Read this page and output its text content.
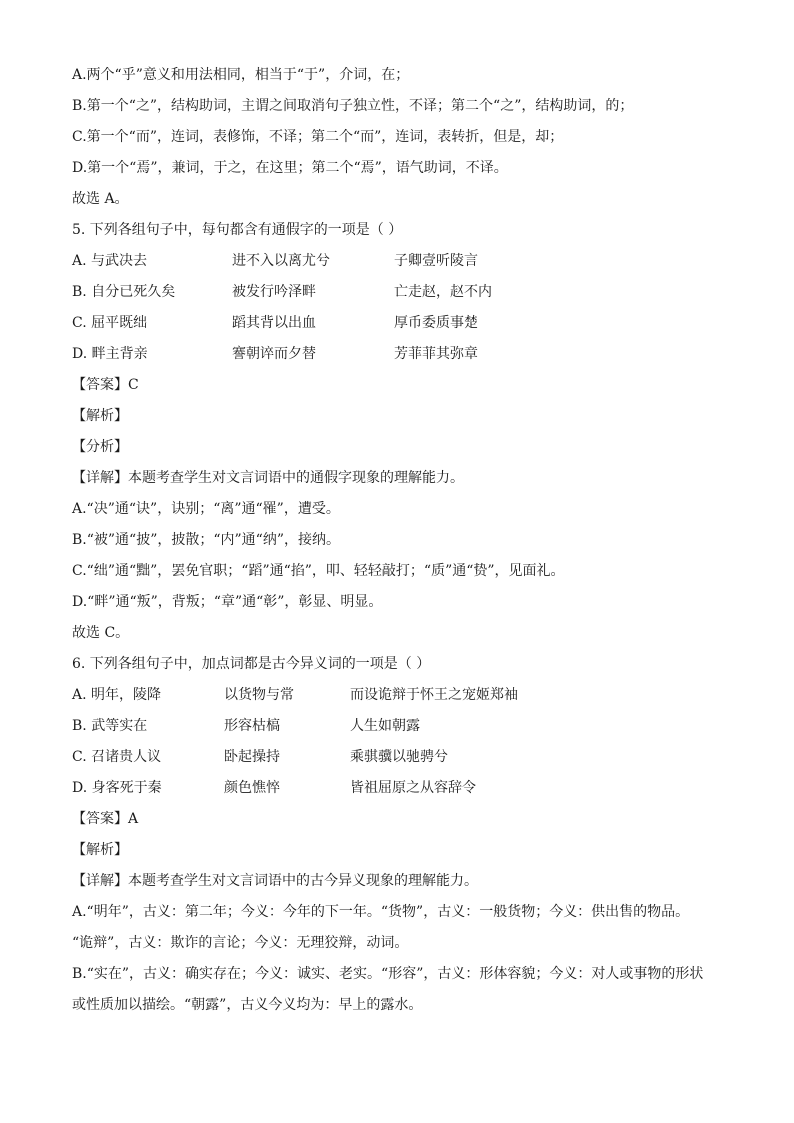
A.两个“乎”意义和用法相同，相当于“于”，介词，在；
B.第一个“之”，结构助词，主谓之间取消句子独立性，不译；第二个“之”，结构助词，的；
C.第一个“而”，连词，表修饰，不译；第二个“而”，连词，表转折，但是，却；
D.第一个“焉”，兼词，于之，在这里；第二个“焉”，语气助词，不译。
故选 A。
5. 下列各组句子中，每句都含有通假字的一项是（ ）
A. 与武决去	进不入以离尤兮	子卿壹听陵言
B. 自分已死久矣	被发行吟泽畔	亡走赵，赵不内
C. 屈平既绌	蹈其背以出血	厚币委质事楚
D. 畔主背亲	謇朝谇而夕替	芳菲菲其弥章
【答案】C
【解析】
【分析】
【详解】本题考查学生对文言词语中的通假字现象的理解能力。
A.“决”通“诀”，诀别；“离”通“罹”，遭受。
B.“被”通“披”，披散；“内”通“纳”，接纳。
C.“绌”通“黜”，罢免官职；“蹈”通“掐”，叩、轻轻敲打；“质”通“贽”，见面礼。
D.“畔”通“叛”，背叛；“章”通“彰”，彰显、明显。
故选 C。
6. 下列各组句子中，加点词都是古今异义词的一项是（ ）
A. 明年，陵降	以货物与常	而设诡辩于怀王之宠姬郑袖
B. 武等实在	形容枯槁	人生如朝露
C. 召诸贵人议	卧起操持	乘骐骥以驰骋兮
D. 身客死于秦	颜色憔悴	皆祖屈原之从容辞令
【答案】A
【解析】
【详解】本题考查学生对文言词语中的古今异义现象的理解能力。
A.“明年”，古义：第二年；今义：今年的下一年。“货物”，古义：一般货物；今义：供出售的物品。
“诡辩”，古义：欺诈的言论；今义：无理狡辩，动词。
B.“实在”，古义：确实存在；今义：诚实、老实。“形容”，古义：形体容貌；今义：对人或事物的形状
或性质加以描绘。“朝露”，古义今义均为：早上的露水。
